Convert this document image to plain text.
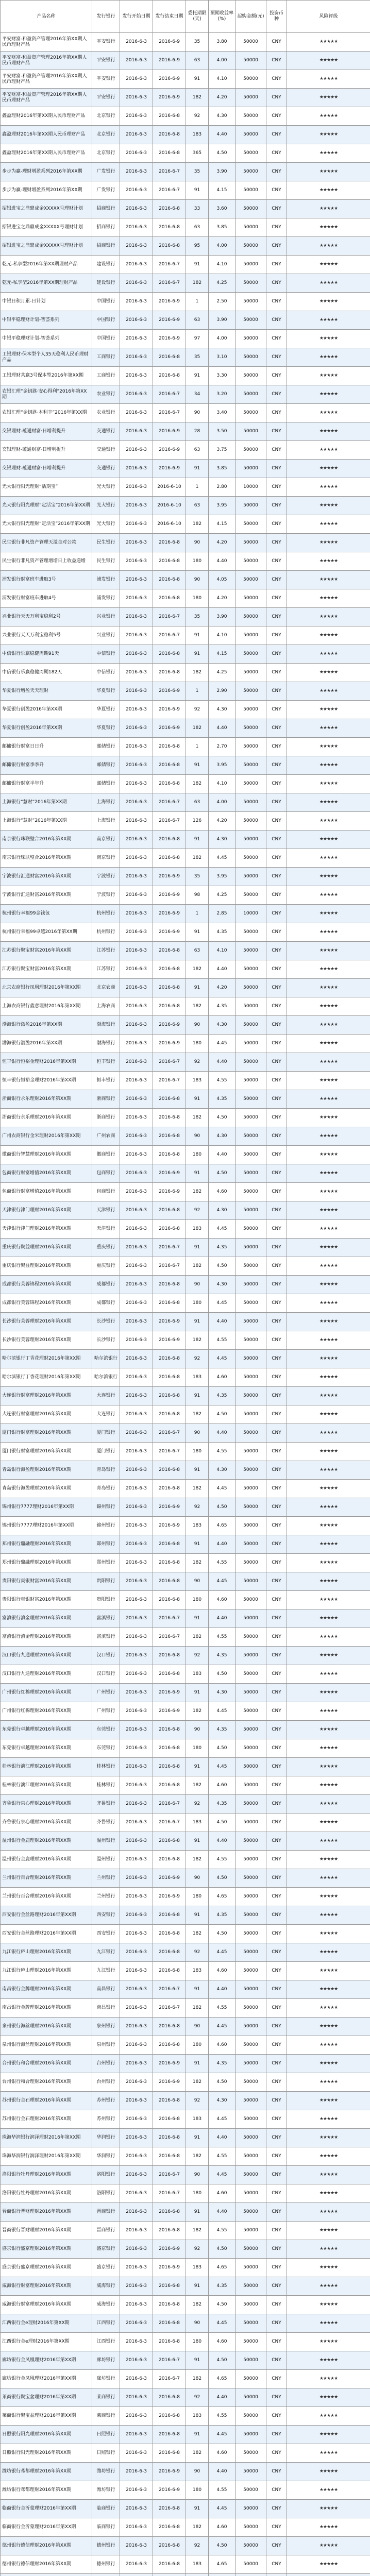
产品名称	发行银行	发行开始日期	发行结束日期	委托期限(天)	预期收益率(%)	起购金额(元)	投资币种	风险评级
平安财富-和盈资产管理2016年第XX期人民币理财产品	平安银行	2016-6-3	2016-6-9	35	3.80	50000	CNY	★★★★★
平安财富-和盈资产管理2016年第XX期人民币理财产品	平安银行	2016-6-3	2016-6-9	63	4.00	50000	CNY	★★★★★
平安财富-和盈资产管理2016年第XX期人民币理财产品	平安银行	2016-6-3	2016-6-9	91	4.10	50000	CNY	★★★★★
平安财富-和盈资产管理2016年第XX期人民币理财产品	平安银行	2016-6-3	2016-6-9	182	4.20	50000	CNY	★★★★★
鑫盈理财2016年第XX期人民币理财产品	北京银行	2016-6-3	2016-6-8	92	4.30	50000	CNY	★★★★★
鑫盈理财2016年第XX期人民币理财产品	北京银行	2016-6-3	2016-6-8	183	4.40	50000	CNY	★★★★★
鑫盈理财2016年第XX期人民币理财产品	北京银行	2016-6-3	2016-6-8	365	4.50	50000	CNY	★★★★★
步步为赢-理财增盈系列2016年第XX期	广发银行	2016-6-3	2016-6-7	35	3.90	50000	CNY	★★★★★
步步为赢-理财增盈系列2016年第XX期	广发银行	2016-6-3	2016-6-7	91	4.15	50000	CNY	★★★★★
招银进宝之鼎鼎成金XXXXX号理财计划	招商银行	2016-6-3	2016-6-8	33	3.60	50000	CNY	★★★★★
招银进宝之鼎鼎成金XXXXX号理财计划	招商银行	2016-6-3	2016-6-8	63	3.85	50000	CNY	★★★★★
招银进宝之鼎鼎成金XXXXX号理财计划	招商银行	2016-6-3	2016-6-8	95	4.00	50000	CNY	★★★★★
乾元-私享型2016年第XX期理财产品	建设银行	2016-6-3	2016-6-7	91	4.10	50000	CNY	★★★★★
乾元-私享型2016年第XX期理财产品	建设银行	2016-6-3	2016-6-7	182	4.25	50000	CNY	★★★★★
中银日积月累-日计划	中国银行	2016-6-3	2016-6-9	1	2.50	50000	CNY	★★★★★
中银平稳理财计划-智荟系列	中国银行	2016-6-3	2016-6-9	63	3.90	50000	CNY	★★★★★
中银平稳理财计划-智荟系列	中国银行	2016-6-3	2016-6-9	97	4.00	50000	CNY	★★★★★
工银理财·保本型个人35天稳利人民币理财产品	工商银行	2016-6-3	2016-6-8	35	3.10	50000	CNY	★★★★★
工银理财共赢3号保本型2016年第XX期	工商银行	2016-6-3	2016-6-8	91	3.30	50000	CNY	★★★★★
农银汇理“金钥匙·安心得利”2016年第XX期	农业银行	2016-6-3	2016-6-7	34	3.20	50000	CNY	★★★★★
农银汇理“金钥匙·本利丰”2016年第XX期	农业银行	2016-6-3	2016-6-7	90	3.40	50000	CNY	★★★★★
交银理财-蕴通财富·日增利提升	交通银行	2016-6-3	2016-6-9	28	3.50	50000	CNY	★★★★★
交银理财-蕴通财富·日增利提升	交通银行	2016-6-3	2016-6-9	63	3.75	50000	CNY	★★★★★
交银理财-蕴通财富·日增利提升	交通银行	2016-6-3	2016-6-9	91	3.85	50000	CNY	★★★★★
光大银行阳光理财“活期宝”	光大银行	2016-6-3	2016-6-10	1	2.80	10000	CNY	★★★★★
光大银行阳光理财“定活宝”2016年第XX期	光大银行	2016-6-3	2016-6-10	63	3.95	50000	CNY	★★★★★
光大银行阳光理财“定活宝”2016年第XX期	光大银行	2016-6-3	2016-6-10	182	4.15	50000	CNY	★★★★★
民生银行非凡资产管理天溢金对公款	民生银行	2016-6-3	2016-6-8	90	4.20	50000	CNY	★★★★★
民生银行非凡资产管理增增日上收益递增	民生银行	2016-6-3	2016-6-8	180	4.40	50000	CNY	★★★★★
浦发银行财富班车进取3号	浦发银行	2016-6-3	2016-6-8	90	4.05	50000	CNY	★★★★★
浦发银行财富班车进取4号	浦发银行	2016-6-3	2016-6-8	180	4.20	50000	CNY	★★★★★
兴业银行天天万利宝稳利2号	兴业银行	2016-6-3	2016-6-7	35	3.90	50000	CNY	★★★★★
兴业银行天天万利宝稳利5号	兴业银行	2016-6-3	2016-6-7	91	4.10	50000	CNY	★★★★★
中信银行乐赢稳健周期91天	中信银行	2016-6-3	2016-6-8	91	4.15	50000	CNY	★★★★★
中信银行乐赢稳健周期182天	中信银行	2016-6-3	2016-6-8	182	4.25	50000	CNY	★★★★★
华夏银行增盈天天理财	华夏银行	2016-6-3	2016-6-9	1	2.90	50000	CNY	★★★★★
华夏银行创盈2016年第XX期	华夏银行	2016-6-3	2016-6-9	92	4.30	50000	CNY	★★★★★
华夏银行创盈2016年第XX期	华夏银行	2016-6-3	2016-6-9	182	4.40	50000	CNY	★★★★★
邮储银行财富日日升	邮储银行	2016-6-3	2016-6-8	1	2.70	50000	CNY	★★★★★
邮储银行财富季季升	邮储银行	2016-6-3	2016-6-8	91	3.95	50000	CNY	★★★★★
邮储银行财富半年升	邮储银行	2016-6-3	2016-6-8	182	4.10	50000	CNY	★★★★★
上海银行“慧财”2016年第XX期	上海银行	2016-6-3	2016-6-7	63	4.00	50000	CNY	★★★★★
上海银行“慧财”2016年第XX期	上海银行	2016-6-3	2016-6-7	126	4.20	50000	CNY	★★★★★
南京银行珠联璧合2016年第XX期	南京银行	2016-6-3	2016-6-8	91	4.30	50000	CNY	★★★★★
南京银行珠联璧合2016年第XX期	南京银行	2016-6-3	2016-6-8	182	4.45	50000	CNY	★★★★★
宁波银行汇通财富2016年第XX期	宁波银行	2016-6-3	2016-6-9	35	3.95	50000	CNY	★★★★★
宁波银行汇通财富2016年第XX期	宁波银行	2016-6-3	2016-6-9	98	4.25	50000	CNY	★★★★★
杭州银行幸福99金钱包	杭州银行	2016-6-3	2016-6-9	1	2.85	10000	CNY	★★★★★
杭州银行幸福99卓越2016年第XX期	杭州银行	2016-6-3	2016-6-9	91	4.35	50000	CNY	★★★★★
江苏银行聚宝财富2016年第XX期	江苏银行	2016-6-3	2016-6-8	63	4.10	50000	CNY	★★★★★
江苏银行聚宝财富2016年第XX期	江苏银行	2016-6-3	2016-6-8	182	4.40	50000	CNY	★★★★★
北京农商银行凤凰理财2016年第XX期	北京农商	2016-6-3	2016-6-8	91	4.20	50000	CNY	★★★★★
上海农商银行鑫意理财2016年第XX期	上海农商	2016-6-3	2016-6-8	182	4.35	50000	CNY	★★★★★
渤海银行渤盈2016年第XX期	渤海银行	2016-6-3	2016-6-9	90	4.30	50000	CNY	★★★★★
渤海银行渤盈2016年第XX期	渤海银行	2016-6-3	2016-6-9	180	4.45	50000	CNY	★★★★★
恒丰银行恒裕金理财2016年第XX期	恒丰银行	2016-6-3	2016-6-7	92	4.40	50000	CNY	★★★★★
恒丰银行恒裕金理财2016年第XX期	恒丰银行	2016-6-3	2016-6-7	183	4.55	50000	CNY	★★★★★
浙商银行永乐理财2016年第XX期	浙商银行	2016-6-3	2016-6-8	91	4.35	50000	CNY	★★★★★
浙商银行永乐理财2016年第XX期	浙商银行	2016-6-3	2016-6-8	182	4.50	50000	CNY	★★★★★
广州农商银行金米理财2016年第XX期	广州农商	2016-6-3	2016-6-8	90	4.30	50000	CNY	★★★★★
徽商银行智慧理财2016年第XX期	徽商银行	2016-6-3	2016-6-8	180	4.40	50000	CNY	★★★★★
包商银行财富增值2016年第XX期	包商银行	2016-6-3	2016-6-9	91	4.50	50000	CNY	★★★★★
包商银行财富增值2016年第XX期	包商银行	2016-6-3	2016-6-9	182	4.60	50000	CNY	★★★★★
天津银行津门理财2016年第XX期	天津银行	2016-6-3	2016-6-8	92	4.30	50000	CNY	★★★★★
天津银行津门理财2016年第XX期	天津银行	2016-6-3	2016-6-8	183	4.45	50000	CNY	★★★★★
重庆银行聚益理财2016年第XX期	重庆银行	2016-6-3	2016-6-7	91	4.35	50000	CNY	★★★★★
重庆银行聚益理财2016年第XX期	重庆银行	2016-6-3	2016-6-7	182	4.50	50000	CNY	★★★★★
成都银行芙蓉锦程2016年第XX期	成都银行	2016-6-3	2016-6-8	90	4.30	50000	CNY	★★★★★
成都银行芙蓉锦程2016年第XX期	成都银行	2016-6-3	2016-6-8	180	4.45	50000	CNY	★★★★★
长沙银行芙蓉理财2016年第XX期	长沙银行	2016-6-3	2016-6-9	91	4.40	50000	CNY	★★★★★
长沙银行芙蓉理财2016年第XX期	长沙银行	2016-6-3	2016-6-9	182	4.55	50000	CNY	★★★★★
哈尔滨银行丁香花理财2016年第XX期	哈尔滨银行	2016-6-3	2016-6-8	92	4.45	50000	CNY	★★★★★
哈尔滨银行丁香花理财2016年第XX期	哈尔滨银行	2016-6-3	2016-6-8	183	4.60	50000	CNY	★★★★★
大连银行财富理财2016年第XX期	大连银行	2016-6-3	2016-6-8	91	4.35	50000	CNY	★★★★★
大连银行财富理财2016年第XX期	大连银行	2016-6-3	2016-6-8	182	4.50	50000	CNY	★★★★★
厦门银行财富理财2016年第XX期	厦门银行	2016-6-3	2016-6-7	90	4.40	50000	CNY	★★★★★
厦门银行财富理财2016年第XX期	厦门银行	2016-6-3	2016-6-7	180	4.55	50000	CNY	★★★★★
青岛银行海盈理财2016年第XX期	青岛银行	2016-6-3	2016-6-8	91	4.30	50000	CNY	★★★★★
青岛银行海盈理财2016年第XX期	青岛银行	2016-6-3	2016-6-8	182	4.45	50000	CNY	★★★★★
锦州银行7777理财2016年第XX期	锦州银行	2016-6-3	2016-6-9	92	4.50	50000	CNY	★★★★★
锦州银行7777理财2016年第XX期	锦州银行	2016-6-3	2016-6-9	183	4.65	50000	CNY	★★★★★
郑州银行鼎融理财2016年第XX期	郑州银行	2016-6-3	2016-6-8	91	4.40	50000	CNY	★★★★★
郑州银行鼎融理财2016年第XX期	郑州银行	2016-6-3	2016-6-8	182	4.55	50000	CNY	★★★★★
贵阳银行爽银财富2016年第XX期	贵阳银行	2016-6-3	2016-6-8	90	4.45	50000	CNY	★★★★★
贵阳银行爽银财富2016年第XX期	贵阳银行	2016-6-3	2016-6-8	180	4.60	50000	CNY	★★★★★
富滇银行滇金理财2016年第XX期	富滇银行	2016-6-3	2016-6-7	91	4.40	50000	CNY	★★★★★
富滇银行滇金理财2016年第XX期	富滇银行	2016-6-3	2016-6-7	182	4.55	50000	CNY	★★★★★
汉口银行九通理财2016年第XX期	汉口银行	2016-6-3	2016-6-8	92	4.35	50000	CNY	★★★★★
汉口银行九通理财2016年第XX期	汉口银行	2016-6-3	2016-6-8	183	4.50	50000	CNY	★★★★★
广州银行红棉理财2016年第XX期	广州银行	2016-6-3	2016-6-9	91	4.30	50000	CNY	★★★★★
广州银行红棉理财2016年第XX期	广州银行	2016-6-3	2016-6-9	182	4.45	50000	CNY	★★★★★
东莞银行卓越理财2016年第XX期	东莞银行	2016-6-3	2016-6-8	90	4.35	50000	CNY	★★★★★
东莞银行卓越理财2016年第XX期	东莞银行	2016-6-3	2016-6-8	180	4.50	50000	CNY	★★★★★
桂林银行漓江理财2016年第XX期	桂林银行	2016-6-3	2016-6-8	91	4.45	50000	CNY	★★★★★
桂林银行漓江理财2016年第XX期	桂林银行	2016-6-3	2016-6-8	182	4.60	50000	CNY	★★★★★
齐鲁银行泉心理财2016年第XX期	齐鲁银行	2016-6-3	2016-6-7	92	4.35	50000	CNY	★★★★★
齐鲁银行泉心理财2016年第XX期	齐鲁银行	2016-6-3	2016-6-7	183	4.50	50000	CNY	★★★★★
温州银行金鹿理财2016年第XX期	温州银行	2016-6-3	2016-6-8	91	4.40	50000	CNY	★★★★★
温州银行金鹿理财2016年第XX期	温州银行	2016-6-3	2016-6-8	182	4.55	50000	CNY	★★★★★
兰州银行百合理财2016年第XX期	兰州银行	2016-6-3	2016-6-9	90	4.50	50000	CNY	★★★★★
兰州银行百合理财2016年第XX期	兰州银行	2016-6-3	2016-6-9	180	4.65	50000	CNY	★★★★★
西安银行金丝路理财2016年第XX期	西安银行	2016-6-3	2016-6-8	91	4.35	50000	CNY	★★★★★
西安银行金丝路理财2016年第XX期	西安银行	2016-6-3	2016-6-8	182	4.50	50000	CNY	★★★★★
九江银行庐山理财2016年第XX期	九江银行	2016-6-3	2016-6-8	92	4.45	50000	CNY	★★★★★
九江银行庐山理财2016年第XX期	九江银行	2016-6-3	2016-6-8	183	4.60	50000	CNY	★★★★★
南昌银行金牌理财2016年第XX期	南昌银行	2016-6-3	2016-6-7	91	4.40	50000	CNY	★★★★★
南昌银行金牌理财2016年第XX期	南昌银行	2016-6-3	2016-6-7	182	4.55	50000	CNY	★★★★★
泉州银行海丝理财2016年第XX期	泉州银行	2016-6-3	2016-6-8	90	4.45	50000	CNY	★★★★★
泉州银行海丝理财2016年第XX期	泉州银行	2016-6-3	2016-6-8	180	4.60	50000	CNY	★★★★★
台州银行和合理财2016年第XX期	台州银行	2016-6-3	2016-6-9	91	4.35	50000	CNY	★★★★★
台州银行和合理财2016年第XX期	台州银行	2016-6-3	2016-6-9	182	4.50	50000	CNY	★★★★★
苏州银行金石理财2016年第XX期	苏州银行	2016-6-3	2016-6-8	92	4.30	50000	CNY	★★★★★
苏州银行金石理财2016年第XX期	苏州银行	2016-6-3	2016-6-8	183	4.45	50000	CNY	★★★★★
珠海华润银行润泽理财2016年第XX期	华润银行	2016-6-3	2016-6-8	91	4.40	50000	CNY	★★★★★
珠海华润银行润泽理财2016年第XX期	华润银行	2016-6-3	2016-6-8	182	4.55	50000	CNY	★★★★★
洛阳银行牡丹理财2016年第XX期	洛阳银行	2016-6-3	2016-6-7	90	4.45	50000	CNY	★★★★★
洛阳银行牡丹理财2016年第XX期	洛阳银行	2016-6-3	2016-6-7	180	4.60	50000	CNY	★★★★★
晋商银行晋财理财2016年第XX期	晋商银行	2016-6-3	2016-6-8	91	4.40	50000	CNY	★★★★★
晋商银行晋财理财2016年第XX期	晋商银行	2016-6-3	2016-6-8	182	4.55	50000	CNY	★★★★★
盛京银行盛京理财2016年第XX期	盛京银行	2016-6-3	2016-6-9	92	4.50	50000	CNY	★★★★★
盛京银行盛京理财2016年第XX期	盛京银行	2016-6-3	2016-6-9	183	4.65	50000	CNY	★★★★★
威海银行财富理财2016年第XX期	威海银行	2016-6-3	2016-6-8	91	4.35	50000	CNY	★★★★★
威海银行财富理财2016年第XX期	威海银行	2016-6-3	2016-6-8	182	4.50	50000	CNY	★★★★★
江西银行金e理财2016年第XX期	江西银行	2016-6-3	2016-6-8	90	4.45	50000	CNY	★★★★★
江西银行金e理财2016年第XX期	江西银行	2016-6-3	2016-6-8	180	4.60	50000	CNY	★★★★★
廊坊银行金凤凰理财2016年第XX期	廊坊银行	2016-6-3	2016-6-7	91	4.50	50000	CNY	★★★★★
廊坊银行金凤凰理财2016年第XX期	廊坊银行	2016-6-3	2016-6-7	182	4.65	50000	CNY	★★★★★
莱商银行聚宝盆理财2016年第XX期	莱商银行	2016-6-3	2016-6-8	92	4.40	50000	CNY	★★★★★
莱商银行聚宝盆理财2016年第XX期	莱商银行	2016-6-3	2016-6-8	183	4.55	50000	CNY	★★★★★
日照银行阳光理财2016年第XX期	日照银行	2016-6-3	2016-6-8	91	4.45	50000	CNY	★★★★★
日照银行阳光理财2016年第XX期	日照银行	2016-6-3	2016-6-8	182	4.60	50000	CNY	★★★★★
潍坊银行鸢都理财2016年第XX期	潍坊银行	2016-6-3	2016-6-9	90	4.40	50000	CNY	★★★★★
潍坊银行鸢都理财2016年第XX期	潍坊银行	2016-6-3	2016-6-9	180	4.55	50000	CNY	★★★★★
临商银行金沂蒙理财2016年第XX期	临商银行	2016-6-3	2016-6-8	91	4.45	50000	CNY	★★★★★
临商银行金沂蒙理财2016年第XX期	临商银行	2016-6-3	2016-6-8	182	4.60	50000	CNY	★★★★★
德州银行德信理财2016年第XX期	德州银行	2016-6-3	2016-6-8	92	4.50	50000	CNY	★★★★★
德州银行德信理财2016年第XX期	德州银行	2016-6-3	2016-6-8	183	4.65	50000	CNY	★★★★★
